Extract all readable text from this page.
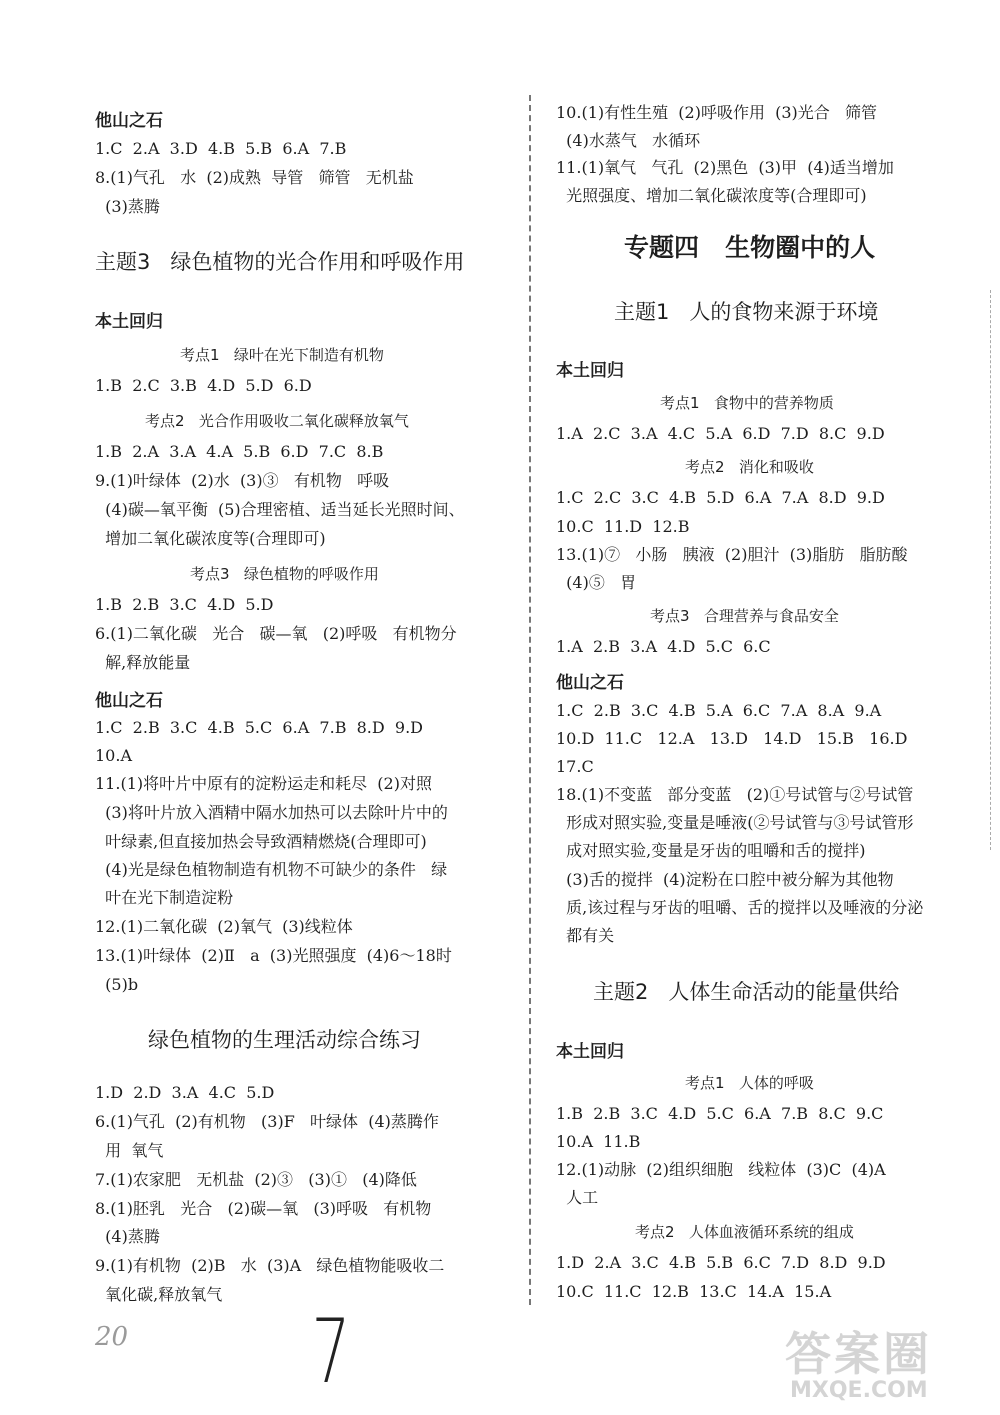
他山之石
1.C  2.A  3.D  4.B  5.B  6.A  7.B
8.(1)气孔   水  (2)成熟  导管   筛管   无机盐
(3)蒸腾
主题3   绿色植物的光合作用和呼吸作用
本土回归
考点1   绿叶在光下制造有机物
1.B  2.C  3.B  4.D  5.D  6.D
考点2   光合作用吸收二氧化碳释放氧气
1.B  2.A  3.A  4.A  5.B  6.D  7.C  8.B
9.(1)叶绿体  (2)水  (3)③   有机物   呼吸
(4)碳—氧平衡  (5)合理密植、适当延长光照时间、
增加二氧化碳浓度等(合理即可)
考点3   绿色植物的呼吸作用
1.B  2.B  3.C  4.D  5.D
6.(1)二氧化碳   光合   碳—氧   (2)呼吸   有机物分
解,释放能量
他山之石
1.C  2.B  3.C  4.B  5.C  6.A  7.B  8.D  9.D
10.A
11.(1)将叶片中原有的淀粉运走和耗尽  (2)对照
(3)将叶片放入酒精中隔水加热可以去除叶片中的
叶绿素,但直接加热会导致酒精燃烧(合理即可)
(4)光是绿色植物制造有机物不可缺少的条件   绿
叶在光下制造淀粉
12.(1)二氧化碳  (2)氧气  (3)线粒体
13.(1)叶绿体  (2)Ⅱ   a  (3)光照强度  (4)6～18时
(5)b
绿色植物的生理活动综合练习
1.D  2.D  3.A  4.C  5.D
6.(1)气孔  (2)有机物   (3)F   叶绿体  (4)蒸腾作
用  氧气
7.(1)农家肥   无机盐  (2)③   (3)①   (4)降低
8.(1)胚乳   光合   (2)碳—氧   (3)呼吸   有机物
(4)蒸腾
9.(1)有机物  (2)B   水  (3)A   绿色植物能吸收二
氧化碳,释放氧气
10.(1)有性生殖  (2)呼吸作用  (3)光合   筛管
(4)水蒸气   水循环
11.(1)氧气   气孔  (2)黑色  (3)甲  (4)适当增加
光照强度、增加二氧化碳浓度等(合理即可)
专题四   生物圈中的人
主题1   人的食物来源于环境
本土回归
考点1   食物中的营养物质
1.A  2.C  3.A  4.C  5.A  6.D  7.D  8.C  9.D
考点2   消化和吸收
1.C  2.C  3.C  4.B  5.D  6.A  7.A  8.D  9.D
10.C  11.D  12.B
13.(1)⑦   小肠   胰液  (2)胆汁  (3)脂肪   脂肪酸
(4)⑤   胃
考点3   合理营养与食品安全
1.A  2.B  3.A  4.D  5.C  6.C
他山之石
1.C  2.B  3.C  4.B  5.A  6.C  7.A  8.A  9.A
10.D  11.C   12.A   13.D   14.D   15.B   16.D
17.C
18.(1)不变蓝   部分变蓝   (2)①号试管与②号试管
形成对照实验,变量是唾液(②号试管与③号试管形
成对照实验,变量是牙齿的咀嚼和舌的搅拌)
(3)舌的搅拌  (4)淀粉在口腔中被分解为其他物
质,该过程与牙齿的咀嚼、舌的搅拌以及唾液的分泌
都有关
主题2   人体生命活动的能量供给
本土回归
考点1   人体的呼吸
1.B  2.B  3.C  4.D  5.C  6.A  7.B  8.C  9.C
10.A  11.B
12.(1)动脉  (2)组织细胞   线粒体  (3)C  (4)A
人工
考点2   人体血液循环系统的组成
1.D  2.A  3.C  4.B  5.B  6.C  7.D  8.D  9.D
10.C  11.C  12.B  13.C  14.A  15.A
20 7	答案圈
MXQE.COM
